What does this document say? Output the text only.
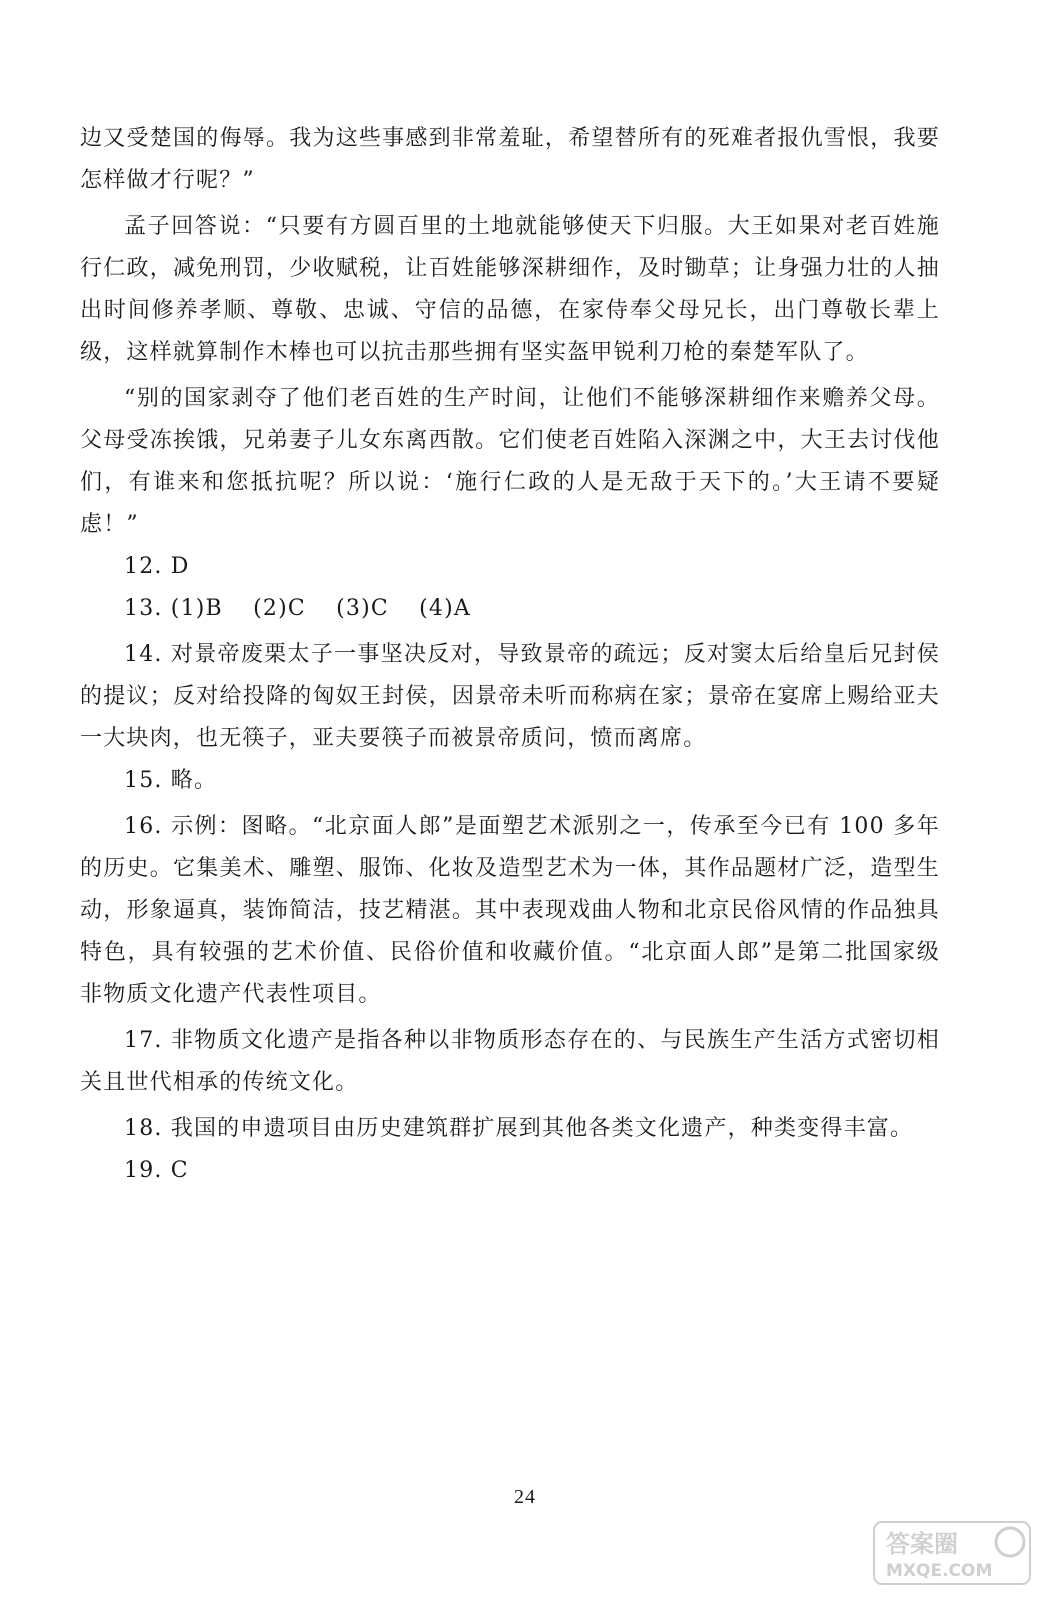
边又受楚国的侮辱。我为这些事感到非常羞耻，希望替所有的死难者报仇雪恨，我要怎样做才行呢？”

孟子回答说：“只要有方圆百里的土地就能够使天下归服。大王如果对老百姓施行仁政，减免刑罚，少收赋税，让百姓能够深耕细作，及时锄草；让身强力壮的人抽出时间修养孝顺、尊敬、忠诚、守信的品德，在家侍奉父母兄长，出门尊敬长辈上级，这样就算制作木棒也可以抗击那些拥有坚实盔甲锐利刀枪的秦楚军队了。

“别的国家剥夺了他们老百姓的生产时间，让他们不能够深耕细作来赡养父母。父母受冻挨饿，兄弟妻子儿女东离西散。它们使老百姓陷入深渊之中，大王去讨伐他们，有谁来和您抵抗呢？所以说：‘施行仁政的人是无敌于天下的。’大王请不要疑虑！”

12. D

13. (1)B (2)C (3)C (4)A

14. 对景帝废栗太子一事坚决反对，导致景帝的疏远；反对窦太后给皇后兄封侯的提议；反对给投降的匈奴王封侯，因景帝未听而称病在家；景帝在宴席上赐给亚夫一大块肉，也无筷子，亚夫要筷子而被景帝质问，愤而离席。

15. 略。

16. 示例：图略。“北京面人郎”是面塑艺术派别之一，传承至今已有 100 多年的历史。它集美术、雕塑、服饰、化妆及造型艺术为一体，其作品题材广泛，造型生动，形象逼真，装饰简洁，技艺精湛。其中表现戏曲人物和北京民俗风情的作品独具特色，具有较强的艺术价值、民俗价值和收藏价值。“北京面人郎”是第二批国家级非物质文化遗产代表性项目。

17. 非物质文化遗产是指各种以非物质形态存在的、与民族生产生活方式密切相关且世代相承的传统文化。

18. 我国的申遗项目由历史建筑群扩展到其他各类文化遗产，种类变得丰富。

19. C

24
答案圈
MXQE.COM
